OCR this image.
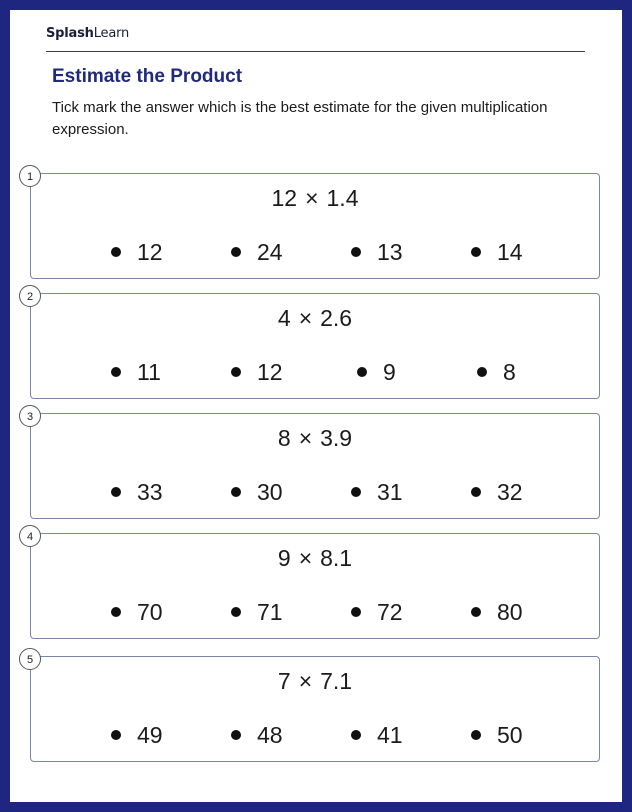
SplashLearn
Estimate the Product
Tick mark the answer which is the best estimate for the given multiplication expression.
1
12 × 1.4
12	24	13	14
2
4 × 2.6
11	12	9	8
3
8 × 3.9
33	30	31	32
4
9 × 8.1
70	71	72	80
5
7 × 7.1
49	48	41	50
